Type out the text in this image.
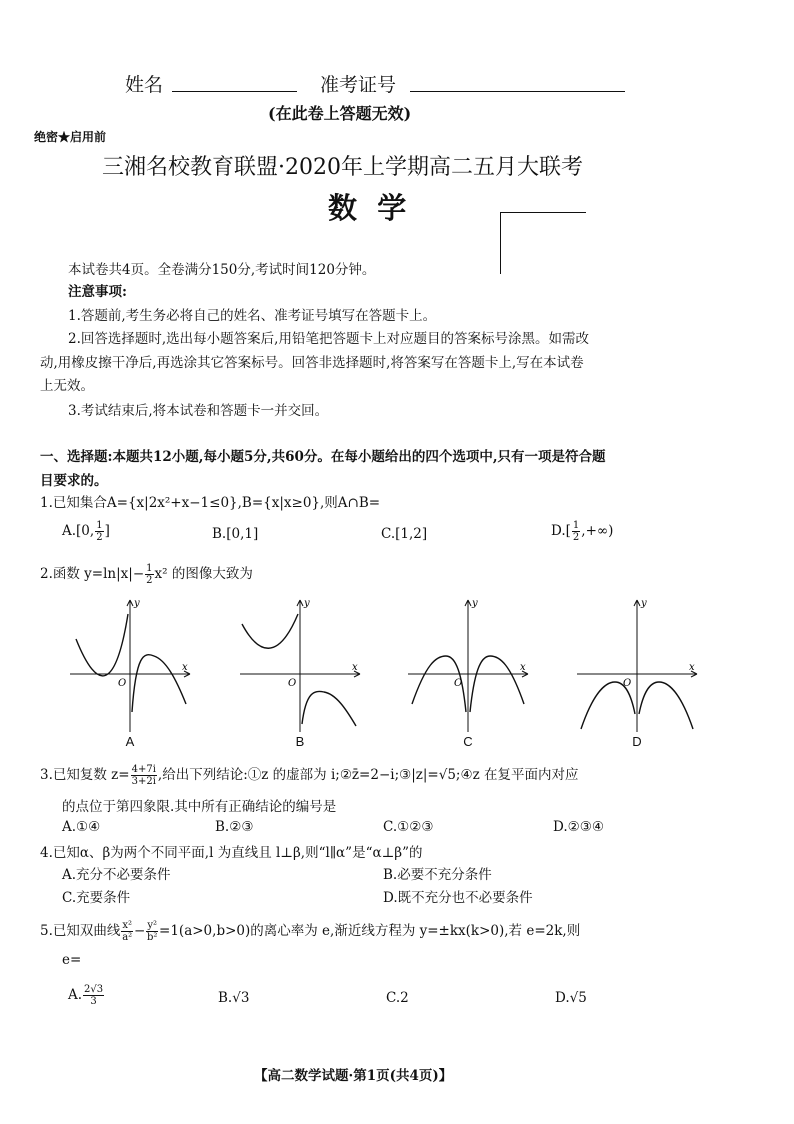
姓名	准考证号
(在此卷上答题无效)
绝密★启用前
三湘名校教育联盟·2020年上学期高二五月大联考
数  学
本试卷共4页。全卷满分150分,考试时间120分钟。
注意事项:
1.答题前,考生务必将自己的姓名、准考证号填写在答题卡上。
2.回答选择题时,选出每小题答案后,用铅笔把答题卡上对应题目的答案标号涂黑。如需改
动,用橡皮擦干净后,再选涂其它答案标号。回答非选择题时,将答案写在答题卡上,写在本试卷
上无效。
3.考试结束后,将本试卷和答题卡一并交回。
一、选择题:本题共12小题,每小题5分,共60分。在每小题给出的四个选项中,只有一项是符合题
目要求的。
1.已知集合A={x|2x²+x−1≤0},B={x|x≥0},则A∩B=
A.[0, $\frac{1}{2}$ ]	B.[0,1]	C.[1,2]	$D.[ \frac{1}{2}$ ,+∞)
2.函数 $y=\ln|x|- \frac{1}{2} x^2$ 的图像大致为
O
y
x
A
O
y
x
B
O
y
x
C
O
y
x
D
3.已知复数 $z= \frac{4+7i}{3+2i}$ ,给出下列结论:①z 的虚部为 i;②z̄=2−i;③|z|=√5;④z 在复平面内对应
的点位于第四象限.其中所有正确结论的编号是
A.①④	B.②③	C.①②③	D.②③④
4.已知α、β为两个不同平面,l 为直线且 l⊥β,则“l∥α”是“α⊥β”的
A.充分不必要条件	B.必要不充分条件
C.充要条件	D.既不充分也不必要条件
5.已知双曲线 $\frac{\text{x²}}{\text{a²}} - \frac{\text{y²}}{\text{b²}} =1(a>0,b>0)$的离心率为 e,渐近线方程为 y=±kx(k>0),若 e=2k,则
e=
A. $\frac{2√3}{3}$	B.√3	C.2	D.√5
【高二数学试题·第1页(共4页)】
